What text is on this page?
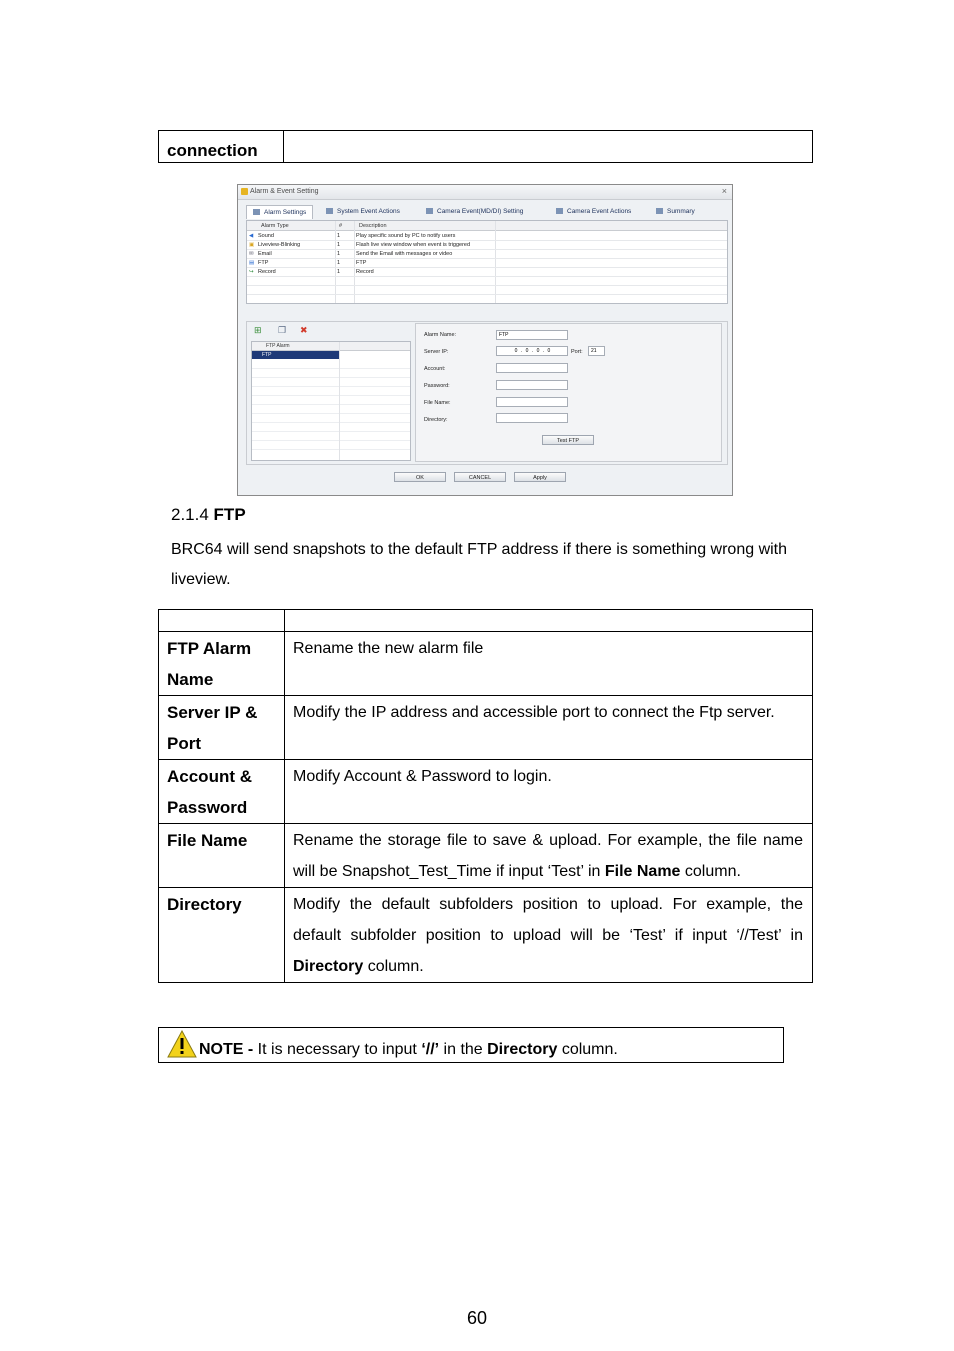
connection
Alarm & Event Setting	×
Alarm Settings	System Event Actions	Camera Event(MD/DI) Setting	Camera Event Actions	Summary
Alarm Type	#	Description
◀ Sound	1	Play specific sound by PC to notify users
▣ Liveview-Blinking	1	Flash live view window when event is triggered
✉ Email	1	Send the Email with messages or video
▤ FTP	1	FTP
↪ Record	1	Record
⊞ ❐ ✖
FTP Alarm
FTP
Alarm Name:	FTP
Server IP:	0 . 0 . 0 . 0	Port:	21
Account:
Password:
File Name:
Directory:
Test FTP
OK	CANCEL	Apply
2.1.4 FTP
BRC64 will send snapshots to the default FTP address if there is something wrong with liveview.

FTP Alarm Name	Rename the new alarm file
Server IP & Port	Modify the IP address and accessible port to connect the Ftp server.
Account & Password	Modify Account & Password to login.
File Name	Rename the storage file to save & upload. For example, the file name will be Snapshot_Test_Time if input ‘Test’ in File Name column.
Directory	Modify the default subfolders position to upload. For example, the default subfolder position to upload will be ‘Test’ if input ‘//Test’ in Directory column.
NOTE - It is necessary to input ‘//’ in the Directory column.
60
